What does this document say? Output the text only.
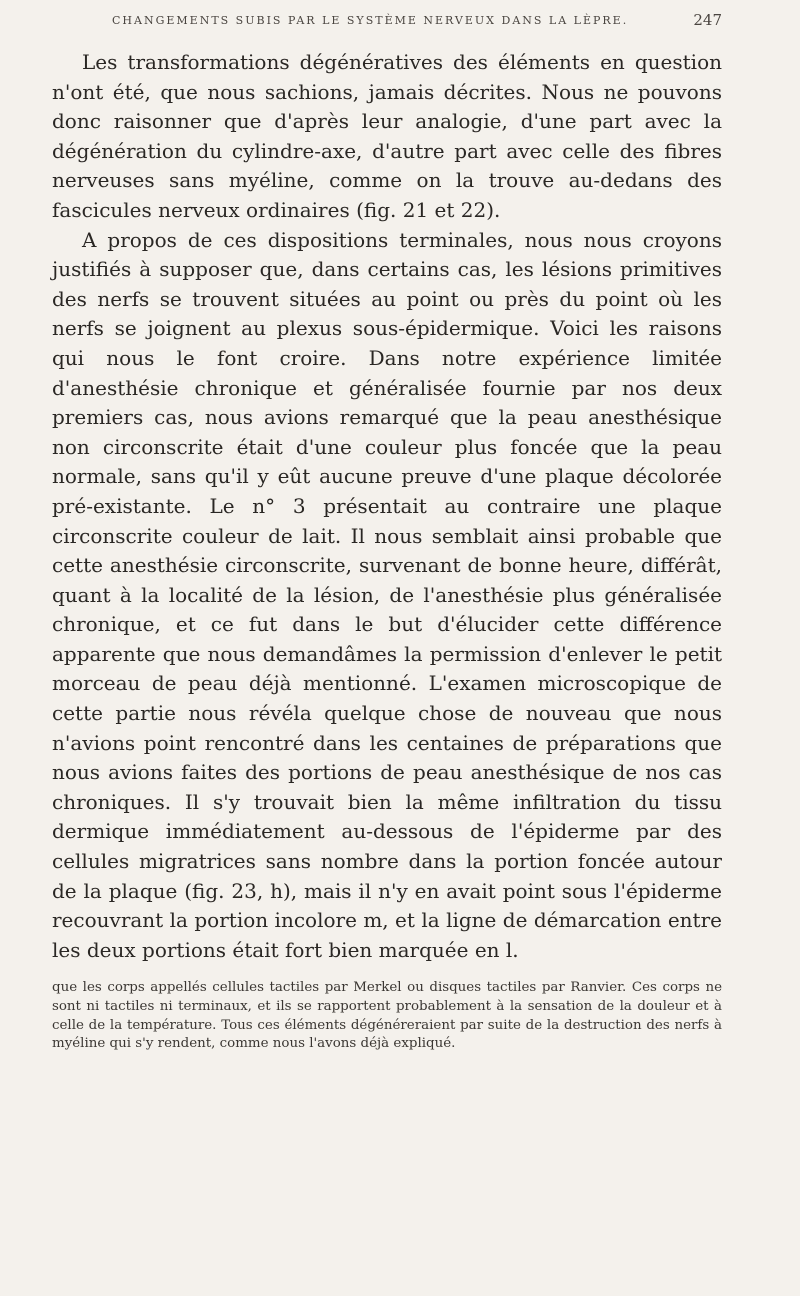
CHANGEMENTS SUBIS PAR LE SYSTÈME NERVEUX DANS LA LÈPRE.	247

Les transformations dégénératives des éléments en question n'ont été, que nous sachions, jamais décrites. Nous ne pouvons donc raisonner que d'après leur analogie, d'une part avec la dégénération du cylindre-axe, d'autre part avec celle des fibres nerveuses sans myéline, comme on la trouve au-dedans des fascicules nerveux ordinaires (fig. 21 et 22).

A propos de ces dispositions terminales, nous nous croyons justifiés à supposer que, dans certains cas, les lésions primitives des nerfs se trouvent situées au point ou près du point où les nerfs se joignent au plexus sous-épidermique. Voici les raisons qui nous le font croire. Dans notre expérience limitée d'anesthésie chronique et généralisée fournie par nos deux premiers cas, nous avions remarqué que la peau anesthésique non circonscrite était d'une couleur plus foncée que la peau normale, sans qu'il y eût aucune preuve d'une plaque décolorée pré-existante. Le n° 3 présentait au contraire une plaque circonscrite couleur de lait. Il nous semblait ainsi probable que cette anesthésie circonscrite, survenant de bonne heure, différât, quant à la localité de la lésion, de l'anesthésie plus généralisée chronique, et ce fut dans le but d'élucider cette différence apparente que nous demandâmes la permission d'enlever le petit morceau de peau déjà mentionné. L'examen microscopique de cette partie nous révéla quelque chose de nouveau que nous n'avions point rencontré dans les centaines de préparations que nous avions faites des portions de peau anesthésique de nos cas chroniques. Il s'y trouvait bien la même infiltration du tissu dermique immédiatement au-dessous de l'épiderme par des cellules migratrices sans nombre dans la portion foncée autour de la plaque (fig. 23, h), mais il n'y en avait point sous l'épiderme recouvrant la portion incolore m, et la ligne de démarcation entre les deux portions était fort bien marquée en l.

que les corps appellés cellules tactiles par Merkel ou disques tactiles par Ranvier. Ces corps ne sont ni tactiles ni terminaux, et ils se rapportent probablement à la sensation de la douleur et à celle de la température. Tous ces éléments dégénéreraient par suite de la destruction des nerfs à myéline qui s'y rendent, comme nous l'avons déjà expliqué.
